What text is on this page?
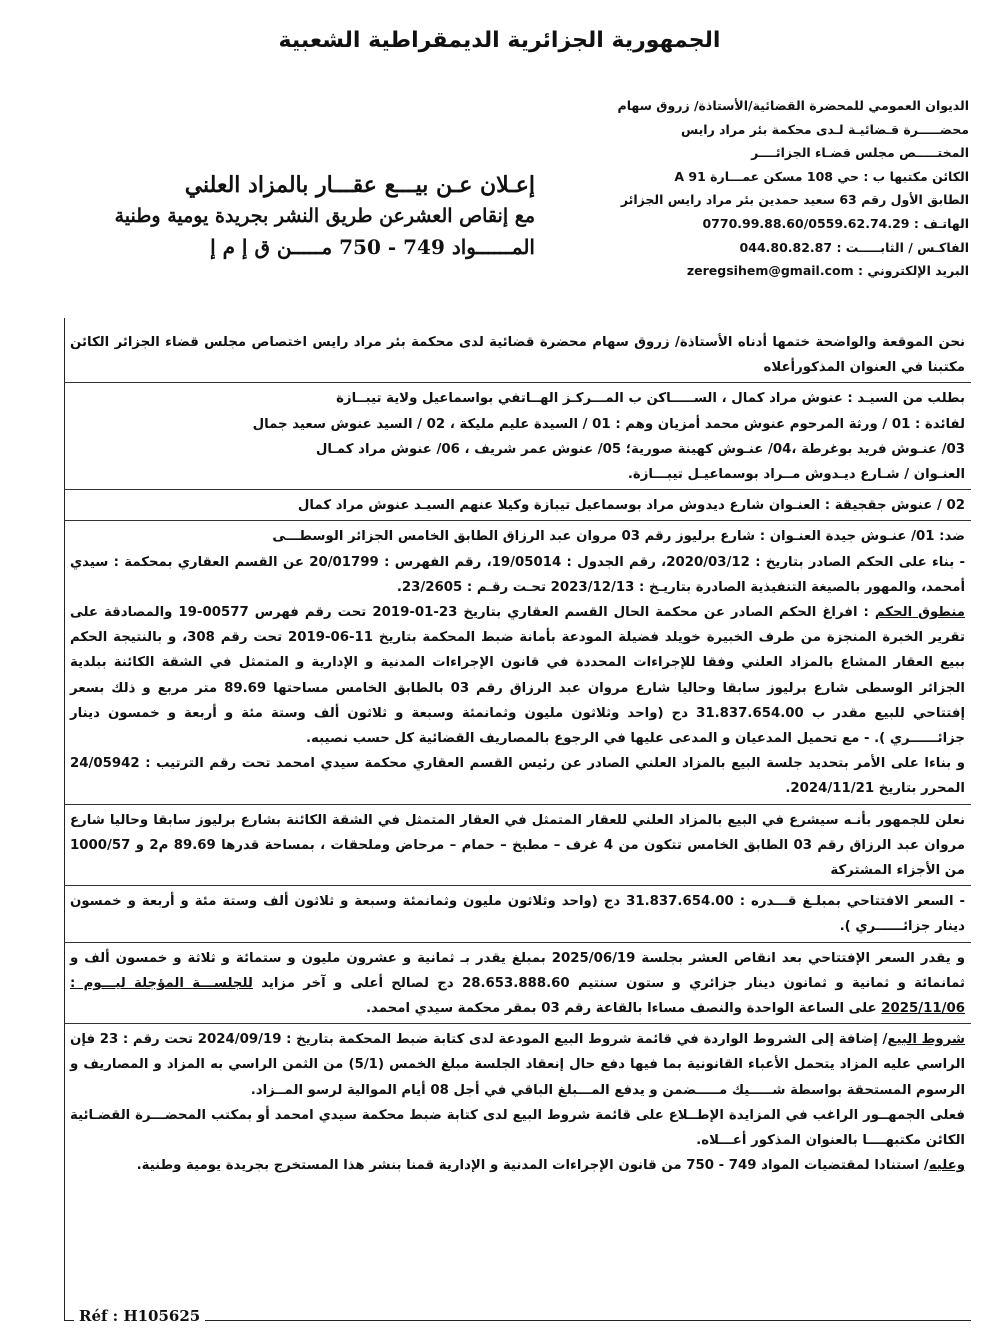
الجمهورية الجزائرية الديمقراطية الشعبية
الديوان العمومي للمحضرة القضائية/الأستاذة/ زروق سهام
محضـــــرة قـضائيـة لـدى محكمة بئر مراد رايس
المختـــــص مجلس قضـاء الجزائــــر
الكائن مكتبها ب : حي 108 مسكن عمـــارة A 91
الطابق الأول رقم 63 سعيد حمدين بئر مراد رايس الجزائر
الهاتـف : 0770.99.88.60/0559.62.74.29
الفاكـس / الثابـــــت : 044.80.82.87
البريد الإلكتروني : zeregsihem@gmail.com
إعـلان عـن بيـــع عقـــار بالمزاد العلني
مع إنقاص العشرعن طريق النشر بجريدة يومية وطنية
المــــــواد 749 - 750 مـــــن ق إ م إ

نحن الموقعة والواضحة ختمها أدناه الأستاذة/ زروق سهام محضرة قضائية لدى محكمة بئر مراد رايس اختصاص مجلس قضاء الجزائر الكائن مكتبنا في العنوان المذكورأعلاه

بطلب من السيـد : عنوش مراد كمال ، الســـــاكن ب المـــركـز الهــاتفي بواسماعيل ولاية تيبــازة

لفائدة : 01 / ورثة المرحوم عنوش محمد أمزيان وهم : 01 / السيدة عليم مليكة ، 02 / السيد عنوش سعيد جمال

03/ عنـوش فريد بوغرطة ،04/ عنـوش كهينة صورية؛ 05/ عنوش عمر شريف ، 06/ عنوش مراد كمـال

العنـوان / شـارع ديـدوش مــراد بوسماعيـل تيبـــازة.

02 / عنوش جقجيقة : العنـوان شارع ديدوش مراد بوسماعيل تيبازة وكيلا عنهم السيـد عنوش مراد كمال

ضد: 01/ عنـوش جيدة العنـوان : شارع برليوز رقم 03 مروان عبد الرزاق الطابق الخامس الجزائر الوسطـــى

- بناء على الحكم الصادر بتاريخ : 2020/03/12، رقم الجدول : 19/05014، رقم الفهرس : 20/01799 عن القسم العقاري بمحكمة : سيدي أمحمد، والمهور بالصيغة التنفيذية الصادرة بتاريـخ : 2023/12/13 تحـت رقـم : 23/2605.

منطوق الحكم : افراغ الحكم الصادر عن محكمة الحال القسم العقاري بتاريخ 23-01-2019 تحت رقم فهرس 00577-19 والمصادقة على تقرير الخبرة المنجزة من طرف الخبيرة خويلد فضيلة المودعة بأمانة ضبط المحكمة بتاريخ 11-06-2019 تحت رقم 308، و بالنتيجة الحكم ببيع العقار المشاع بالمزاد العلني وفقا للإجراءات المحددة في قانون الإجراءات المدنية و الإدارية و المتمثل في الشقة الكائنة ببلدية الجزائر الوسطى شارع برليوز سابقا وحاليا شارع مروان عبد الرزاق رقم 03 بالطابق الخامس مساحتها 89.69 متر مربع و ذلك بسعر إفتتاحي للبيع مقدر ب 31.837.654.00 دج (واحد وثلاثون مليون وثمانمئة وسبعة و ثلاثون ألف وستة مئة و أربعة و خمسون دينار جزائــــــري ). - مع تحميل المدعيان و المدعى عليها في الرجوع بالمصاريف القضائية كل حسب نصيبه.

و بناءا على الأمر بتحديد جلسة البيع بالمزاد العلني الصادر عن رئيس القسم العقاري محكمة سيدي امحمد تحت رقم الترتيب : 24/05942 المحرر بتاريخ 2024/11/21.

نعلن للجمهور بأنـه سيشرع في البيع بالمزاد العلني للعقار المتمثل في العقار المتمثل في الشقة الكائنة بشارع برليوز سابقا وحاليا شارع مروان عبد الرزاق رقم 03 الطابق الخامس تتكون من 4 غرف – مطبخ – حمام – مرحاض وملحقات ، بمساحة قدرها 89.69 م2 و 1000/57 من الأجزاء المشتركة

- السعر الافتتاحي بمبلـغ قـــدره : 31.837.654.00 دج (واحد وثلاثون مليون وثمانمئة وسبعة و ثلاثون ألف وستة مئة و أربعة و خمسون دينار جزائــــــري ).

و يقدر السعر الإفتتاحي بعد انقاص العشر بجلسة 2025/06/19 بمبلغ يقدر بـ ثمانية و عشرون مليون و ستمائة و ثلاثة و خمسون ألف و ثمانمائة و ثمانية و ثمانون دينار جزائري و ستون سنتيم 28.653.888.60 دج لصالح أعلى و آخر مزايد للجلســـة المؤجلة ليـــوم : 2025/11/06 على الساعة الواحدة والنصف مساءا بالقاعة رقم 03 بمقر محكمة سيدي امحمد.

شروط البيع/ إضافة إلى الشروط الواردة في قائمة شروط البيع المودعة لدى كتابة ضبط المحكمة بتاريخ : 2024/09/19 تحت رقم : 23 فإن الراسي عليه المزاد يتحمل الأعباء القانونية بما فيها دفع حال إنعقاد الجلسة مبلغ الخمس (5/1) من الثمن الراسي به المزاد و المصاريف و الرسوم المستحقة بواسطة شـــــيك مـــــضمن و يدفع المـــبلغ الباقي في أجل 08 أيام الموالية لرسو المــزاد.

فعلى الجمهــور الراغب في المزايدة الإطــلاع على قائمة شروط البيع لدى كتابة ضبط محكمة سيدي امحمد أو بمكتب المحضـــرة القضـائية الكائن مكتبهــــا بالعنوان المذكور أعـــلاه.

وعليه/ استنادا لمقتضيات المواد 749 - 750 من قانون الإجراءات المدنية و الإدارية قمنا بنشر هذا المستخرج بجريدة يومية وطنية.

Réf : H105625
